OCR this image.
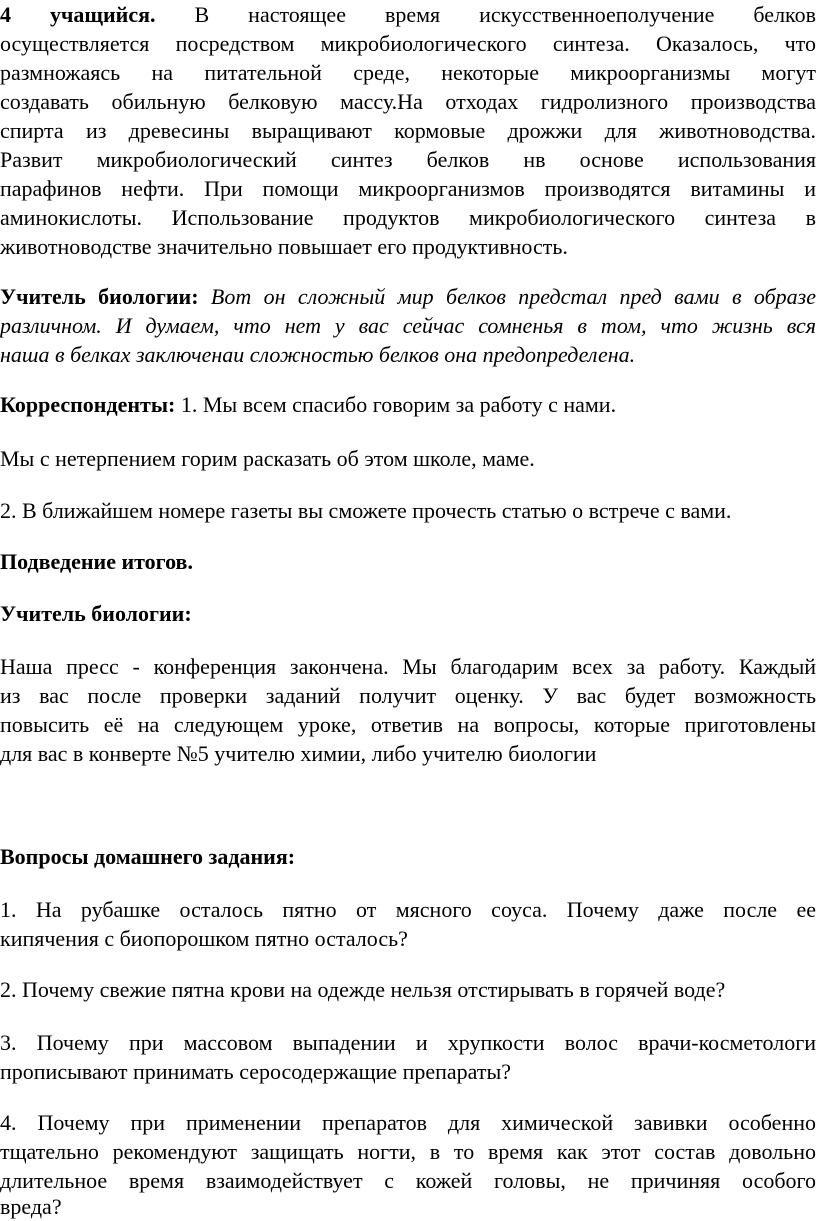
4 учащийся. В настоящее время искусственноеполучение белков
осуществляется посредством микробиологического синтеза. Оказалось, что
размножаясь на питательной среде, некоторые микроорганизмы могут
создавать обильную белковую массу.На отходах гидролизного производства
спирта из древесины выращивают кормовые дрожжи для животноводства.
Развит микробиологический синтез белков нв основе использования
парафинов нефти. При помощи микроорганизмов производятся витамины и
аминокислоты. Использование продуктов микробиологического синтеза в
животноводстве значительно повышает его продуктивность.
Учитель биологии: Вот он сложный мир белков предстал пред вами в образе
различном. И думаем, что нет у вас сейчас сомненья в том, что жизнь вся
наша в белках заключенаи сложностью белков она предопределена.
Корреспонденты: 1. Мы всем спасибо говорим за работу с нами.
Мы с нетерпением горим расказать об этом школе, маме.
2. В ближайшем номере газеты вы сможете прочесть статью о встрече с вами.
Подведение итогов.
Учитель биологии:
Наша пресс - конференция закончена. Мы благодарим всех за работу. Каждый
из вас после проверки заданий получит оценку. У вас будет возможность
повысить её на следующем уроке, ответив на вопросы, которые приготовлены
для вас в конверте №5 учителю химии, либо учителю биологии
Вопросы домашнего задания:
1. На рубашке осталось пятно от мясного соуса. Почему даже после ее
кипячения с биопорошком пятно осталось?
2. Почему свежие пятна крови на одежде нельзя отстирывать в горячей воде?
3. Почему при массовом выпадении и хрупкости волос врачи-косметологи
прописывают принимать серосодержащие препараты?
4. Почему при применении препаратов для химической завивки особенно
тщательно рекомендуют защищать ногти, в то время как этот состав довольно
длительное время взаимодействует с кожей головы, не причиняя особого
вреда?
